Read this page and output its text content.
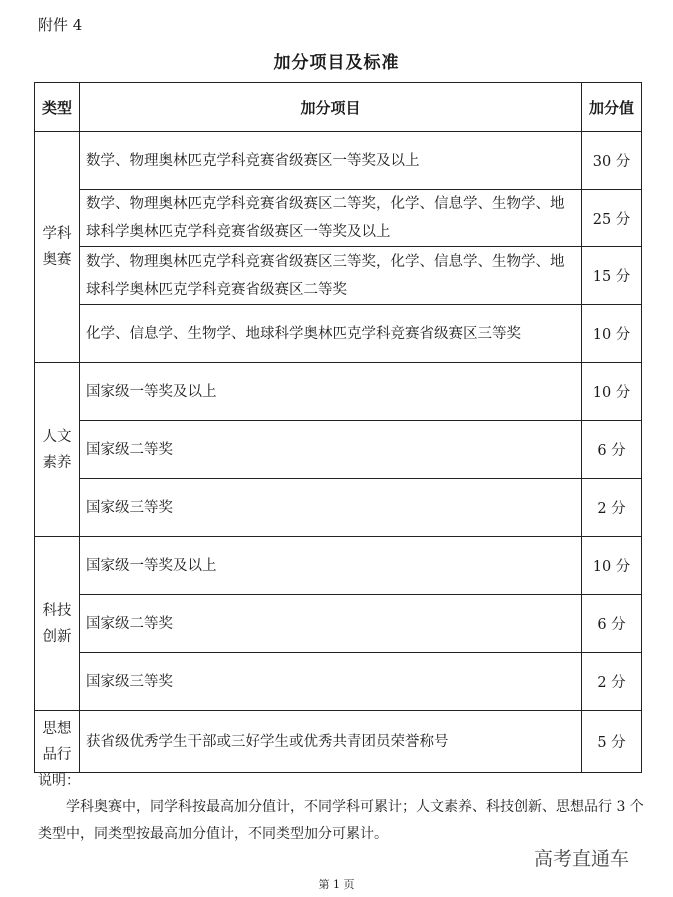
附件 4
加分项目及标准
类型	加分项目	加分值
学科奥赛	数学、物理奥林匹克学科竞赛省级赛区一等奖及以上	30 分
	数学、物理奥林匹克学科竞赛省级赛区二等奖，化学、信息学、生物学、地球科学奥林匹克学科竞赛省级赛区一等奖及以上	25 分
	数学、物理奥林匹克学科竞赛省级赛区三等奖，化学、信息学、生物学、地球科学奥林匹克学科竞赛省级赛区二等奖	15 分
	化学、信息学、生物学、地球科学奥林匹克学科竞赛省级赛区三等奖	10 分
人文素养	国家级一等奖及以上	10 分
	国家级二等奖	6 分
	国家级三等奖	2 分
科技创新	国家级一等奖及以上	10 分
	国家级二等奖	6 分
	国家级三等奖	2 分
思想品行	获省级优秀学生干部或三好学生或优秀共青团员荣誉称号	5 分
说明：
学科奥赛中，同学科按最高加分值计，不同学科可累计；人文素养、科技创新、思想品行 3 个类型中，同类型按最高加分值计，不同类型加分可累计。
高考直通车
第 1 页
